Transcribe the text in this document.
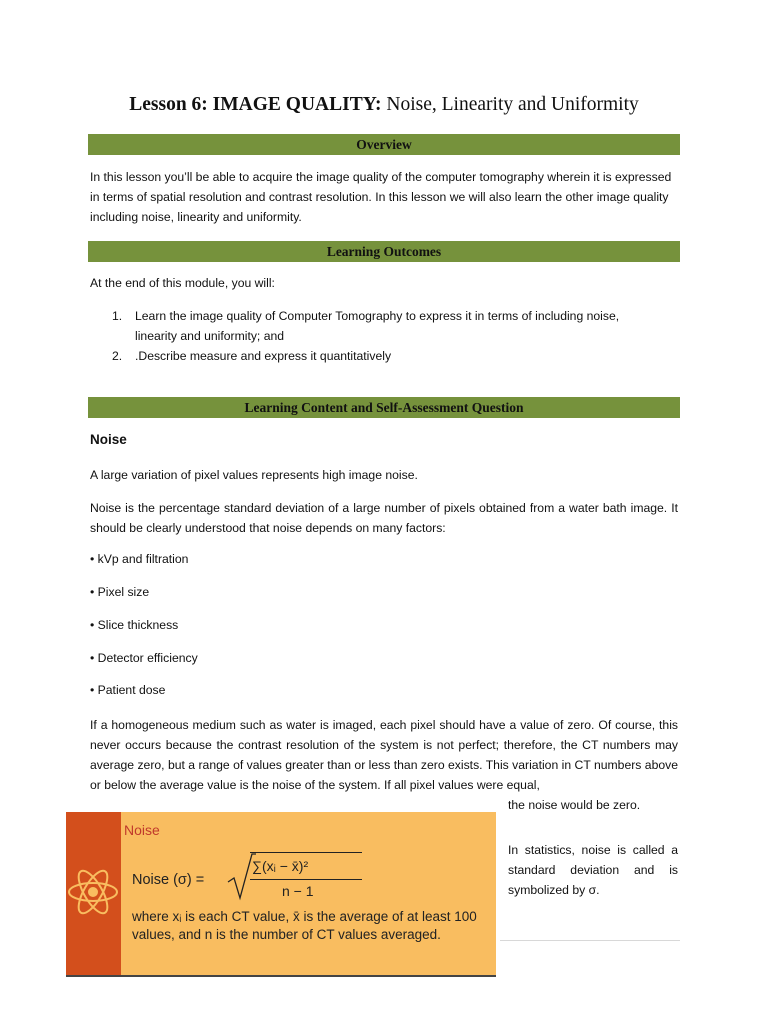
Lesson 6: IMAGE QUALITY: Noise, Linearity and Uniformity
Overview

In this lesson you’ll be able to acquire the image quality of the computer tomography wherein it is expressed in terms of spatial resolution and contrast resolution. In this lesson we will also learn the other image quality including noise, linearity and uniformity.

Learning Outcomes

At the end of this module, you will:

1. Learn the image quality of Computer Tomography to express it in terms of including noise, linearity and uniformity; and
2. .Describe measure and express it quantitatively
Learning Content and Self-Assessment Question
Noise

A large variation of pixel values represents high image noise.

Noise is the percentage standard deviation of a large number of pixels obtained from a water bath image. It should be clearly understood that noise depends on many factors:

• kVp and filtration
• Pixel size
• Slice thickness
• Detector efficiency
• Patient dose

If a homogeneous medium such as water is imaged, each pixel should have a value of zero. Of course, this never occurs because the contrast resolution of the system is not perfect; therefore, the CT numbers may average zero, but a range of values greater than or less than zero exists. This variation in CT numbers above or below the average value is the noise of the system. If all pixel values were equal,

the noise would be zero.

Noise
Noise (σ) =
∑(xᵢ − x̄)²
n − 1
where xᵢ is each CT value, x̄ is the average of at least 100 values, and n is the number of CT values averaged.

In statistics, noise is called a standard deviation and is symbolized by σ.
